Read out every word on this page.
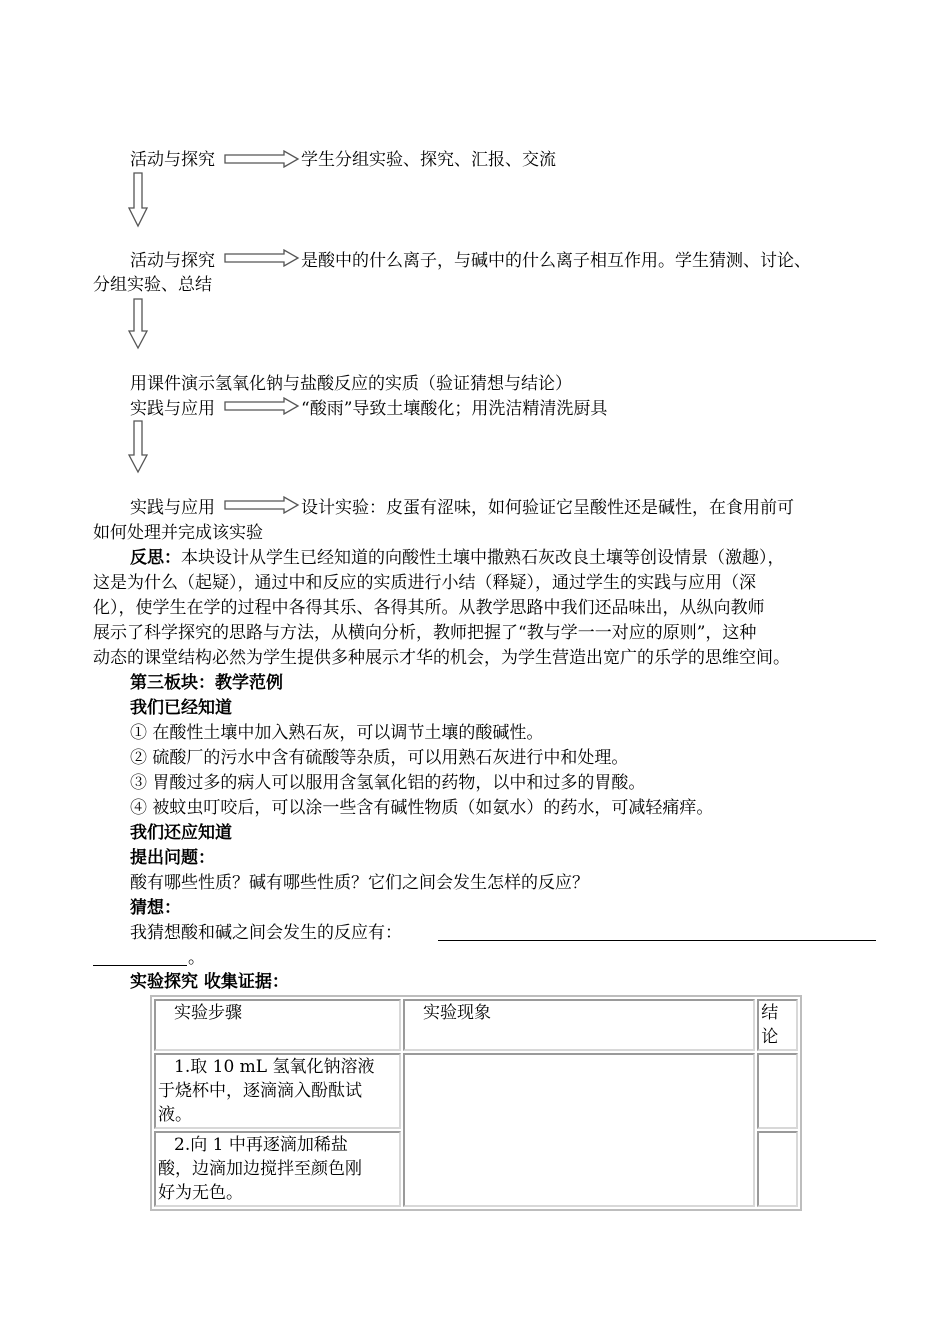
活动与探究	学生分组实验、探究、汇报、交流
活动与探究	是酸中的什么离子，与碱中的什么离子相互作用。学生猜测、讨论、
分组实验、总结
用课件演示氢氧化钠与盐酸反应的实质（验证猜想与结论）
实践与应用	“酸雨”导致土壤酸化；用洗洁精清洗厨具
实践与应用	设计实验：皮蛋有涩味，如何验证它呈酸性还是碱性，在食用前可
如何处理并完成该实验
反思：本块设计从学生已经知道的向酸性土壤中撒熟石灰改良土壤等创设情景（激趣），
这是为什么（起疑），通过中和反应的实质进行小结（释疑），通过学生的实践与应用（深
化），使学生在学的过程中各得其乐、各得其所。从教学思路中我们还品味出，从纵向教师
展示了科学探究的思路与方法，从横向分析，教师把握了“教与学一一对应的原则”，这种
动态的课堂结构必然为学生提供多种展示才华的机会，为学生营造出宽广的乐学的思维空间。
第三板块：教学范例
我们已经知道
① 在酸性土壤中加入熟石灰，可以调节土壤的酸碱性。
② 硫酸厂的污水中含有硫酸等杂质，可以用熟石灰进行中和处理。
③ 胃酸过多的病人可以服用含氢氧化铝的药物，以中和过多的胃酸。
④ 被蚊虫叮咬后，可以涂一些含有碱性物质（如氨水）的药水，可减轻痛痒。
我们还应知道
提出问题：
酸有哪些性质？碱有哪些性质？它们之间会发生怎样的反应？
猜想：
我猜想酸和碱之间会发生的反应有：
。
实验探究 收集证据：
实验步骤	实验现象	结论

1.取 10 mL 氢氧化钠溶液
于烧杯中，逐滴滴入酚酞试
液。		

2.向 1 中再逐滴加稀盐
酸，边滴加边搅拌至颜色刚
好为无色。		
